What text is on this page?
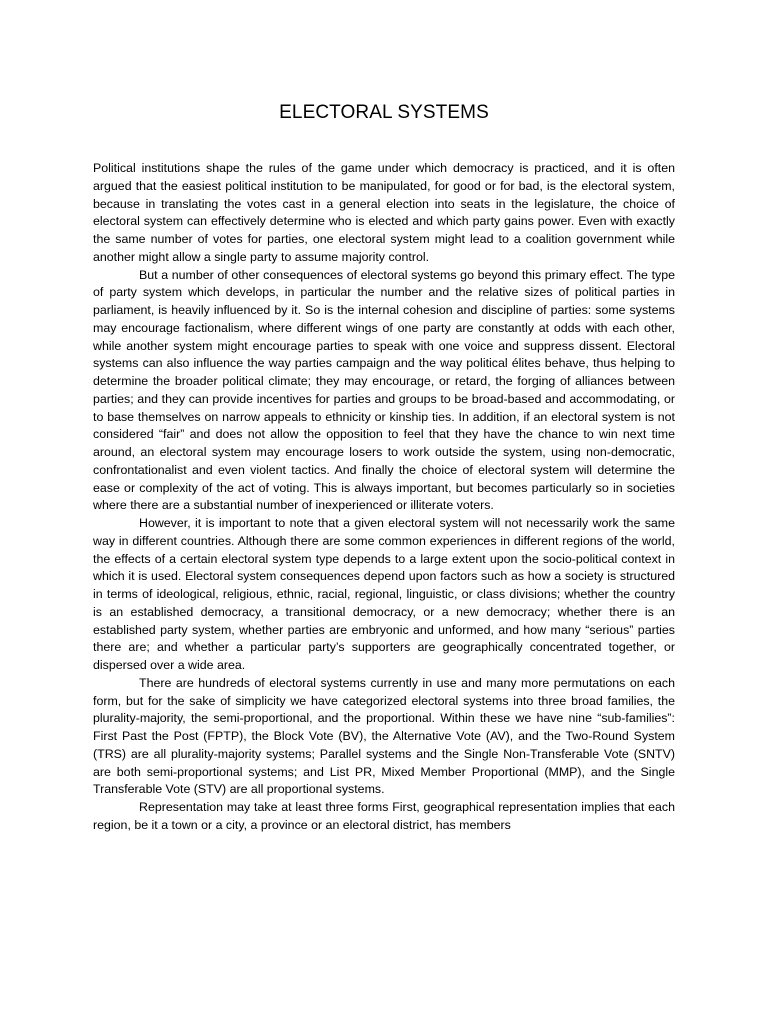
ELECTORAL SYSTEMS

Political institutions shape the rules of the game under which democracy is practiced, and it is often argued that the easiest political institution to be manipulated, for good or for bad, is the electoral system, because in translating the votes cast in a general election into seats in the legislature, the choice of electoral system can effectively determine who is elected and which party gains power. Even with exactly the same number of votes for parties, one electoral system might lead to a coalition government while another might allow a single party to assume majority control.

But a number of other consequences of electoral systems go beyond this primary effect. The type of party system which develops, in particular the number and the relative sizes of political parties in parliament, is heavily influenced by it. So is the internal cohesion and discipline of parties: some systems may encourage factionalism, where different wings of one party are constantly at odds with each other, while another system might encourage parties to speak with one voice and suppress dissent. Electoral systems can also influence the way parties campaign and the way political élites behave, thus helping to determine the broader political climate; they may encourage, or retard, the forging of alliances between parties; and they can provide incentives for parties and groups to be broad-based and accommodating, or to base themselves on narrow appeals to ethnicity or kinship ties. In addition, if an electoral system is not considered “fair” and does not allow the opposition to feel that they have the chance to win next time around, an electoral system may encourage losers to work outside the system, using non-democratic, confrontationalist and even violent tactics. And finally the choice of electoral system will determine the ease or complexity of the act of voting. This is always important, but becomes particularly so in societies where there are a substantial number of inexperienced or illiterate voters.

However, it is important to note that a given electoral system will not necessarily work the same way in different countries. Although there are some common experiences in different regions of the world, the effects of a certain electoral system type depends to a large extent upon the socio-political context in which it is used. Electoral system consequences depend upon factors such as how a society is structured in terms of ideological, religious, ethnic, racial, regional, linguistic, or class divisions; whether the country is an established democracy, a transitional democracy, or a new democracy; whether there is an established party system, whether parties are embryonic and unformed, and how many “serious” parties there are; and whether a particular party’s supporters are geographically concentrated together, or dispersed over a wide area.

There are hundreds of electoral systems currently in use and many more permutations on each form, but for the sake of simplicity we have categorized electoral systems into three broad families, the plurality-majority, the semi-proportional, and the proportional. Within these we have nine “sub-families”: First Past the Post (FPTP), the Block Vote (BV), the Alternative Vote (AV), and the Two-Round System (TRS) are all plurality-majority systems; Parallel systems and the Single Non-Transferable Vote (SNTV) are both semi-proportional systems; and List PR, Mixed Member Proportional (MMP), and the Single Transferable Vote (STV) are all proportional systems.

Representation may take at least three forms First, geographical representation implies that each region, be it a town or a city, a province or an electoral district, has members
